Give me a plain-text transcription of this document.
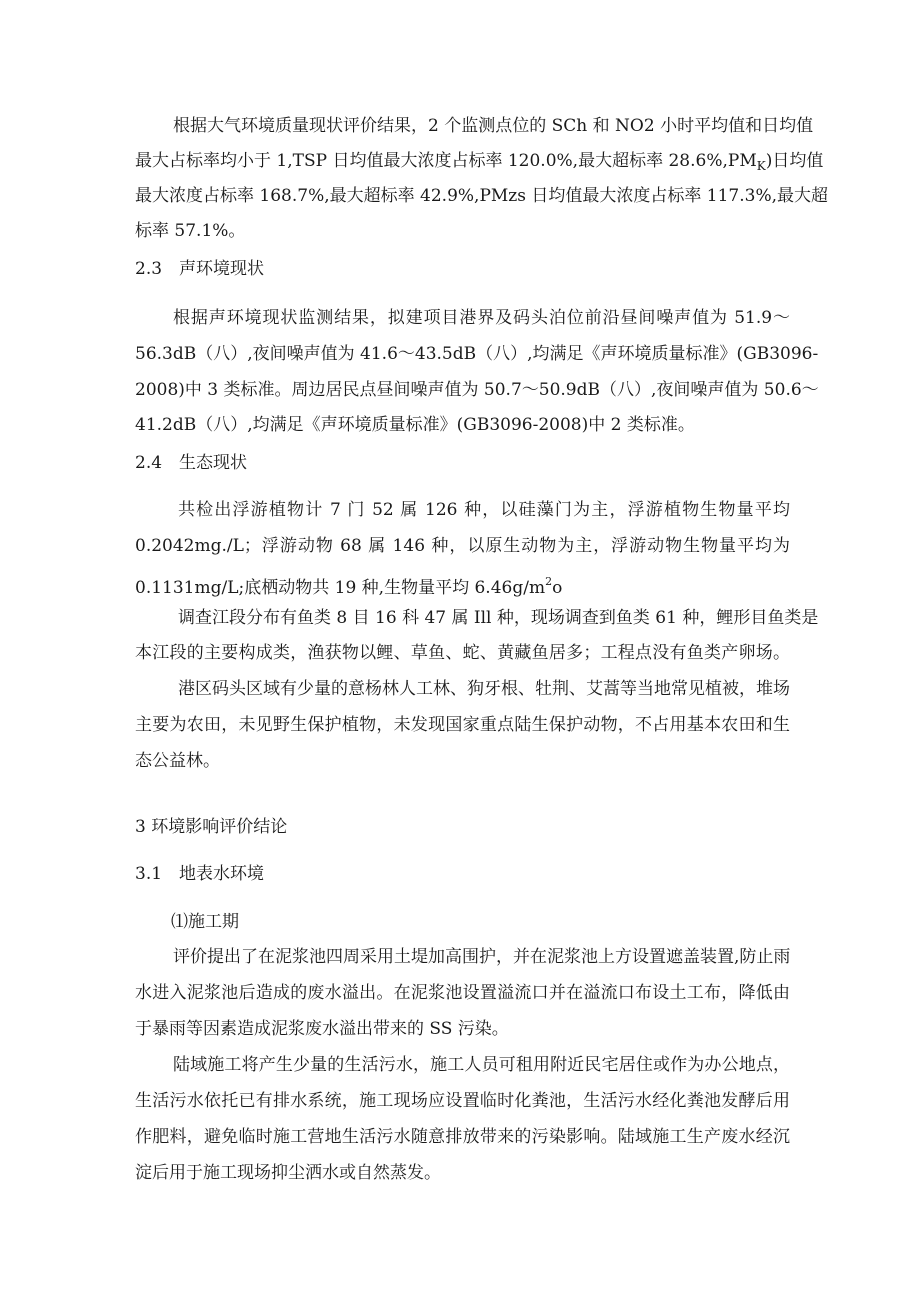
根据大气环境质量现状评价结果，2 个监测点位的 SCh 和 NO2 小时平均值和日均值
最大占标率均小于 1,TSP 日均值最大浓度占标率 120.0%,最大超标率 $28.6\%,PM_K$)日均值
最大浓度占标率 168.7%,最大超标率 42.9%,PMzs 日均值最大浓度占标率 117.3%,最大超
标率 57.1%。
2.3　声环境现状
根据声环境现状监测结果，拟建项目港界及码头泊位前沿昼间噪声值为 51.9～
56.3dB（八）,夜间噪声值为 41.6～43.5dB（八）,均满足《声环境质量标准》(GB3096-
2008)中 3 类标准。周边居民点昼间噪声值为 50.7～50.9dB（八）,夜间噪声值为 50.6～
41.2dB（八）,均满足《声环境质量标准》(GB3096-2008)中 2 类标准。
2.4　生态现状
共检出浮游植物计 7 门 52 属 126 种，以硅藻门为主，浮游植物生物量平均
0.2042mg./L；浮游动物 68 属 146 种，以原生动物为主，浮游动物生物量平均为
0.1131mg/L;底栖动物共 19 种,生物量平均 $6.46g∕m^2o$
调查江段分布有鱼类 8 目 16 科 47 属 Ill 种，现场调查到鱼类 61 种，鲤形目鱼类是
本江段的主要构成类，渔获物以鲤、草鱼、蛇、黄藏鱼居多；工程点没有鱼类产卵场。
港区码头区域有少量的意杨林人工林、狗牙根、牡荆、艾蒿等当地常见植被，堆场
主要为农田，未见野生保护植物，未发现国家重点陆生保护动物，不占用基本农田和生
态公益林。
3 环境影响评价结论
3.1　地表水环境
⑴施工期
评价提出了在泥浆池四周采用土堤加高围护，并在泥浆池上方设置遮盖装置,防止雨
水进入泥浆池后造成的废水溢出。在泥浆池设置溢流口并在溢流口布设土工布，降低由
于暴雨等因素造成泥浆废水溢出带来的 SS 污染。
陆域施工将产生少量的生活污水，施工人员可租用附近民宅居住或作为办公地点，
生活污水依托已有排水系统，施工现场应设置临时化粪池，生活污水经化粪池发酵后用
作肥料，避免临时施工营地生活污水随意排放带来的污染影响。陆域施工生产废水经沉
淀后用于施工现场抑尘洒水或自然蒸发。
